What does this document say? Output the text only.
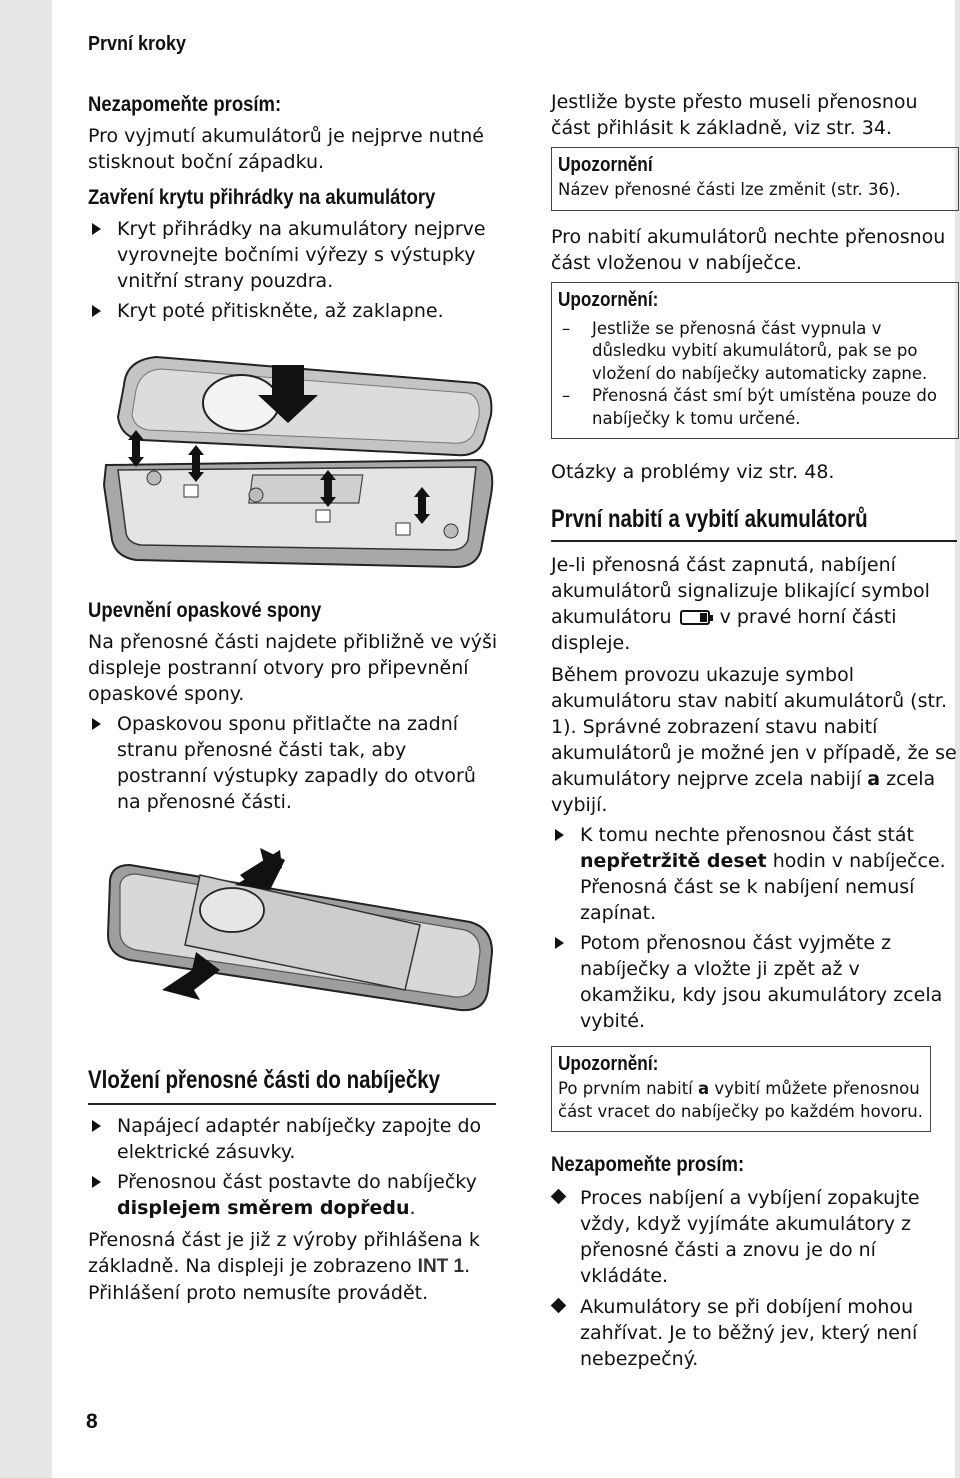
První kroky
Nezapomeňte prosím:

Pro vyjmutí akumulátorů je nejprve nutné stisknout boční západku.

Zavření krytu přihrádky na akumulátory
Kryt přihrádky na akumulátory nejprve vyrovnejte bočními výřezy s výstupky vnitřní strany pouzdra.
Kryt poté přitiskněte, až zaklapne.
Upevnění opaskové spony

Na přenosné části najdete přibližně ve výši displeje postranní otvory pro připevnění opaskové spony.

Opaskovou sponu přitlačte na zadní stranu přenosné části tak, aby postranní výstupky zapadly do otvorů na přenosné části.
Vložení přenosné části do nabíječky
Napájecí adaptér nabíječky zapojte do elektrické zásuvky.
Přenosnou část postavte do nabíječky displejem směrem dopředu.

Přenosná část je již z výroby přihlášena k základně. Na displeji je zobrazeno INT 1. Přihlášení proto nemusíte provádět.

8

Jestliže byste přesto museli přenosnou část přihlásit k základně, viz str. 34.

Upozornění
Název přenosné části lze změnit (str. 36).

Pro nabití akumulátorů nechte přenosnou část vloženou v nabíječce.

Upozornění:
– Jestliže se přenosná část vypnula v důsledku vybití akumulátorů, pak se po vložení do nabíječky automaticky zapne.
– Přenosná část smí být umístěna pouze do nabíječky k tomu určené.

Otázky a problémy viz str. 48.

První nabití a vybití akumulátorů

Je-li přenosná část zapnutá, nabíjení akumulátorů signalizuje blikající symbol akumulátoru
v pravé horní části displeje.

Během provozu ukazuje symbol akumulátoru stav nabití akumulátorů (str. 1). Správné zobrazení stavu nabití akumulátorů je možné jen v případě, že se akumulátory nejprve zcela nabijí a zcela vybijí.

K tomu nechte přenosnou část stát nepřetržitě deset hodin v nabíječce. Přenosná část se k nabíjení nemusí zapínat.
Potom přenosnou část vyjměte z nabíječky a vložte ji zpět až v okamžiku, kdy jsou akumulátory zcela vybité.
Upozornění:
Po prvním nabití a vybití můžete přenosnou část vracet do nabíječky po každém hovoru.
Nezapomeňte prosím:
Proces nabíjení a vybíjení zopakujte vždy, když vyjímáte akumulátory z přenosné části a znovu je do ní vkládáte.
Akumulátory se při dobíjení mohou zahřívat. Je to běžný jev, který není nebezpečný.
